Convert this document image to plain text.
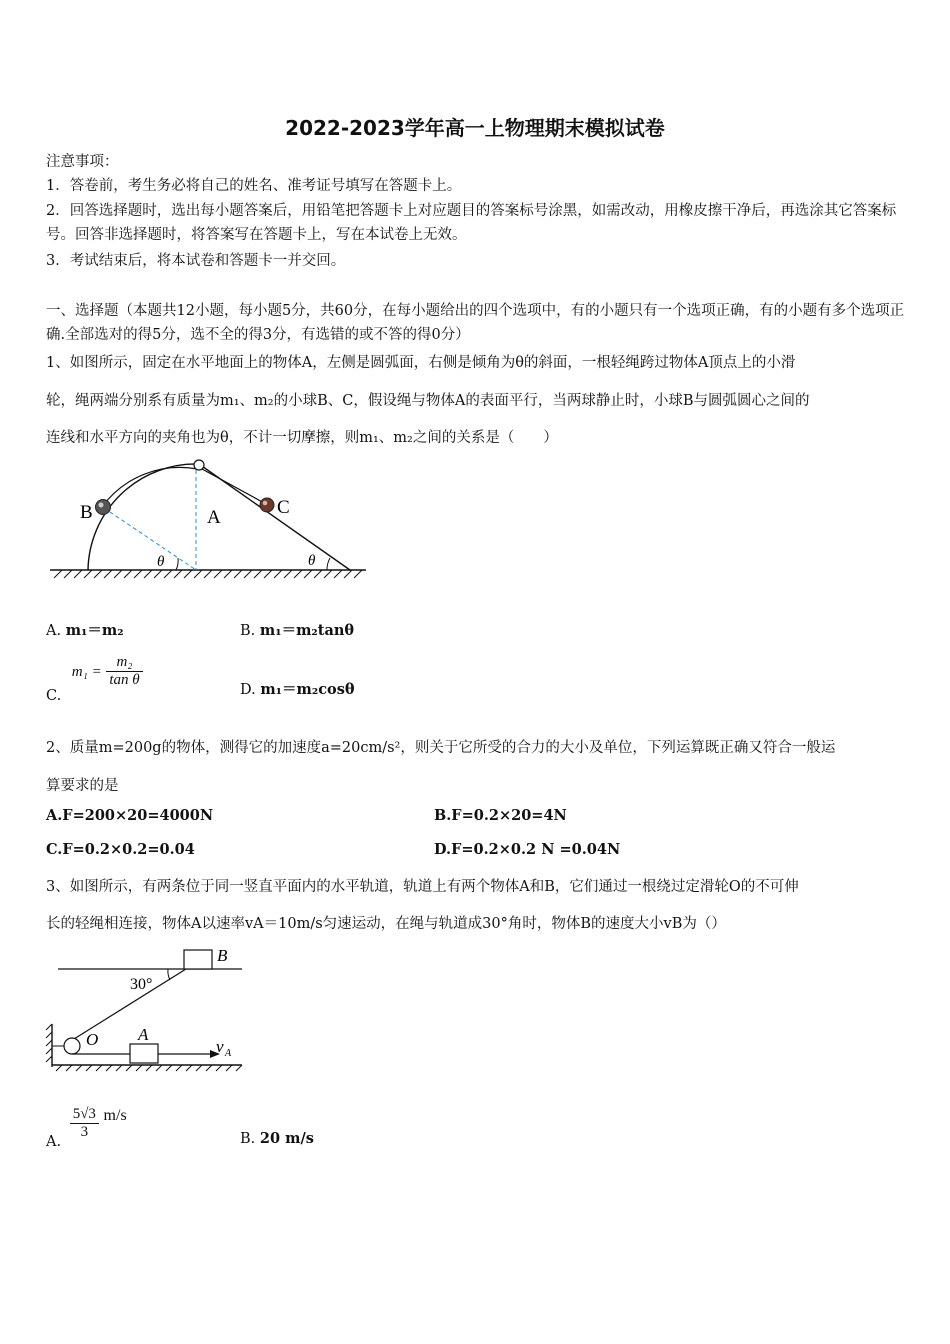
2022-2023学年高一上物理期末模拟试卷
注意事项：
1．答卷前，考生务必将自己的姓名、准考证号填写在答题卡上。
2．回答选择题时，选出每小题答案后，用铅笔把答题卡上对应题目的答案标号涂黑，如需改动，用橡皮擦干净后，再选涂其它答案标号。回答非选择题时，将答案写在答题卡上，写在本试卷上无效。
3．考试结束后，将本试卷和答题卡一并交回。
一、选择题（本题共12小题，每小题5分，共60分，在每小题给出的四个选项中，有的小题只有一个选项正确，有的小题有多个选项正确.全部选对的得5分，选不全的得3分，有选错的或不答的得0分）
1、如图所示，固定在水平地面上的物体A，左侧是圆弧面，右侧是倾角为θ的斜面，一根轻绳跨过物体A顶点上的小滑
轮，绳两端分别系有质量为m₁、m₂的小球B、C，假设绳与物体A的表面平行，当两球静止时，小球B与圆弧圆心之间的
连线和水平方向的夹角也为θ，不计一切摩擦，则m₁、m₂之间的关系是（　　）
B	A	C
θ	θ
A. m₁＝m₂	B. m₁＝m₂tanθ
C. $m_1 = \frac{\text{m₂}}{\text{tan θ}}$
D. m₁＝m₂cosθ
2、质量m=200g的物体，测得它的加速度a=20cm/s²，则关于它所受的合力的大小及单位，下列运算既正确又符合一般运
算要求的是
A.F=200×20=4000N	B.F=0.2×20=4N
C.F=0.2×0.2=0.04	D.F=0.2×0.2 N =0.04N
3、如图所示，有两条位于同一竖直平面内的水平轨道，轨道上有两个物体A和B，它们通过一根绕过定滑轮O的不可伸
长的轻绳相连接，物体A以速率vA＝10m/s匀速运动，在绳与轨道成30°角时，物体B的速度大小vB为（）
B
A
O
30°
v A
A.
$\frac{5√3}{3} m/s$
B. 20 m/s
